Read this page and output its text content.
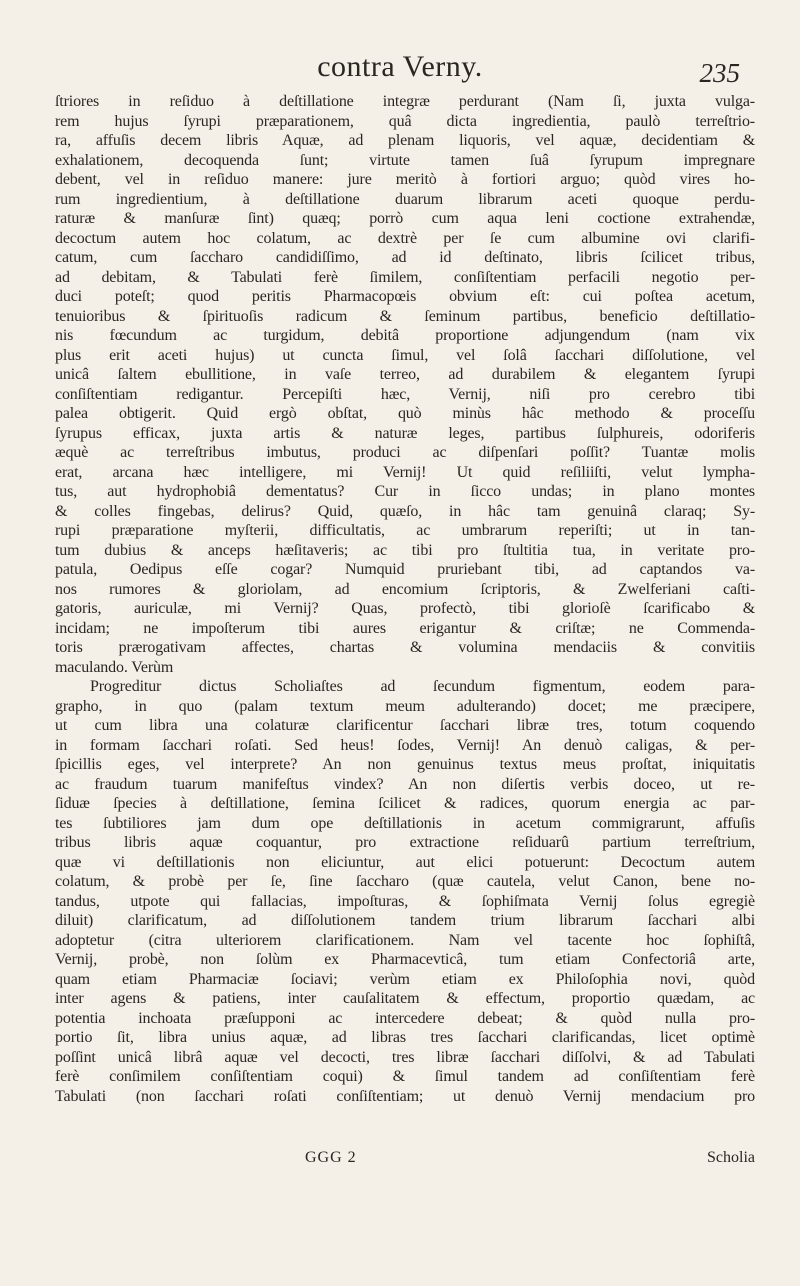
contra Verny.	235
ſtriores in reſiduo à deſtillatione integræ perdurant (Nam ſi, juxta vulga-
rem hujus ſyrupi præparationem, quâ dicta ingredientia, paulò terreſtrio-
ra, affuſis decem libris Aquæ, ad plenam liquoris, vel aquæ, decidentiam &
exhalationem, decoquenda ſunt; virtute tamen ſuâ ſyrupum impregnare
debent, vel in reſiduo manere: jure meritò à fortiori arguo; quòd vires ho-
rum ingredientium, à deſtillatione duarum librarum aceti quoque perdu-
raturæ & manſuræ ſint) quæq; porrò cum aqua leni coctione extrahendæ,
decoctum autem hoc colatum, ac dextrè per ſe cum albumine ovi clarifi-
catum, cum ſaccharo candidiſſimo, ad id deſtinato, libris ſcilicet tribus,
ad debitam, & Tabulati ferè ſimilem, conſiſtentiam perfacili negotio per-
duci poteſt; quod peritis Pharmacopœis obvium eſt: cui poſtea acetum,
tenuioribus & ſpirituoſis radicum & ſeminum partibus, beneficio deſtillatio-
nis fœcundum ac turgidum, debitâ proportione adjungendum (nam vix
plus erit aceti hujus) ut cuncta ſimul, vel ſolâ ſacchari diſſolutione, vel
unicâ ſaltem ebullitione, in vaſe terreo, ad durabilem & elegantem ſyrupi
conſiſtentiam redigantur. Percepiſti hæc, Vernij, niſi pro cerebro tibi
palea obtigerit. Quid ergò obſtat, quò minùs hâc methodo & proceſſu
ſyrupus efficax, juxta artis & naturæ leges, partibus ſulphureis, odoriferis
æquè ac terreſtribus imbutus, produci ac diſpenſari poſſit? Tuantæ molis
erat, arcana hæc intelligere, mi Vernij! Ut quid reſiliiſti, velut lympha-
tus, aut hydrophobiâ dementatus? Cur in ſicco undas; in plano montes
& colles fingebas, delirus? Quid, quæſo, in hâc tam genuinâ claraq; Sy-
rupi præparatione myſterii, difficultatis, ac umbrarum reperiſti; ut in tan-
tum dubius & anceps hæſitaveris; ac tibi pro ſtultitia tua, in veritate pro-
patula, Oedipus eſſe cogar? Numquid pruriebant tibi, ad captandos va-
nos rumores & gloriolam, ad encomium ſcriptoris, & Zwelferiani caſti-
gatoris, auriculæ, mi Vernij? Quas, profectò, tibi glorioſè ſcarificabo &
incidam; ne impoſterum tibi aures erigantur & criſtæ; ne Commenda-
toris prærogativam affectes, chartas & volumina mendaciis & convitiis
maculando. Verùm
Progreditur dictus Scholiaſtes ad ſecundum figmentum, eodem para-
grapho, in quo (palam textum meum adulterando) docet; me præcipere,
ut cum libra una colaturæ clarificentur ſacchari libræ tres, totum coquendo
in formam ſacchari roſati. Sed heus! ſodes, Vernij! An denuò caligas, & per-
ſpicillis eges, vel interprete? An non genuinus textus meus proſtat, iniquitatis
ac fraudum tuarum manifeſtus vindex? An non diſertis verbis doceo, ut re-
ſiduæ ſpecies à deſtillatione, ſemina ſcilicet & radices, quorum energia ac par-
tes ſubtiliores jam dum ope deſtillationis in acetum commigrarunt, affuſis
tribus libris aquæ coquantur, pro extractione reſiduarû partium terreſtrium,
quæ vi deſtillationis non eliciuntur, aut elici potuerunt: Decoctum autem
colatum, & probè per ſe, ſine ſaccharo (quæ cautela, velut Canon, bene no-
tandus, utpote qui fallacias, impoſturas, & ſophiſmata Vernij ſolus egregiè
diluit) clarificatum, ad diſſolutionem tandem trium librarum ſacchari albi
adoptetur (citra ulteriorem clarificationem. Nam vel tacente hoc ſophiſtâ,
Vernij, probè, non ſolùm ex Pharmacevticâ, tum etiam Confectoriâ arte,
quam etiam Pharmaciæ ſociavi; verùm etiam ex Philoſophia novi, quòd
inter agens & patiens, inter cauſalitatem & effectum, proportio quædam, ac
potentia inchoata præſupponi ac intercedere debeat; & quòd nulla pro-
portio ſit, libra unius aquæ, ad libras tres ſacchari clarificandas, licet optimè
poſſint unicâ librâ aquæ vel decocti, tres libræ ſacchari diſſolvi, & ad Tabulati
ferè conſimilem conſiſtentiam coqui) & ſimul tandem ad conſiſtentiam ferè
Tabulati (non ſacchari roſati conſiſtentiam; ut denuò Vernij mendacium pro
GGG 2	Scholia
